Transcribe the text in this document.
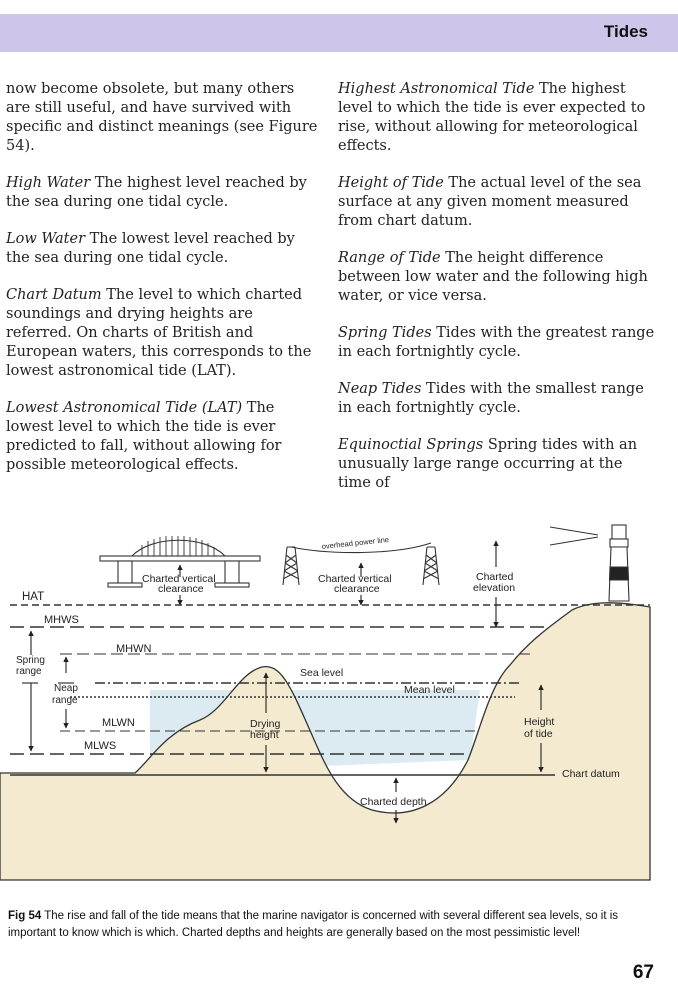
Tides

now become obsolete, but many others are still useful, and have survived with specific and distinct meanings (see Figure 54).

High Water The highest level reached by the sea during one tidal cycle.

Low Water The lowest level reached by the sea during one tidal cycle.

Chart Datum The level to which charted soundings and drying heights are referred. On charts of British and European waters, this corresponds to the lowest astronomical tide (LAT).

Lowest Astronomical Tide (LAT) The lowest level to which the tide is ever predicted to fall, without allowing for possible meteorological effects.

Highest Astronomical Tide The highest level to which the tide is ever expected to rise, without allowing for meteorological effects.

Height of Tide The actual level of the sea surface at any given moment measured from chart datum.

Range of Tide The height difference between low water and the following high water, or vice versa.

Spring Tides Tides with the greatest range in each fortnightly cycle.

Neap Tides Tides with the smallest range in each fortnightly cycle.

Equinoctial Springs Spring tides with an unusually large range occurring at the time of

overhead power line
Charted vertical
clearance
Charted vertical
clearance
Charted
elevation
HAT
MHWS
MHWN
Spring
range
Neap
range
MLWN
MLWS
Sea level
Mean level
Drying
height
Height
of tide
Chart datum
Charted depth
Fig 54 The rise and fall of the tide means that the marine navigator is concerned with several different sea levels, so it is important to know which is which. Charted depths and heights are generally based on the most pessimistic level!
67
